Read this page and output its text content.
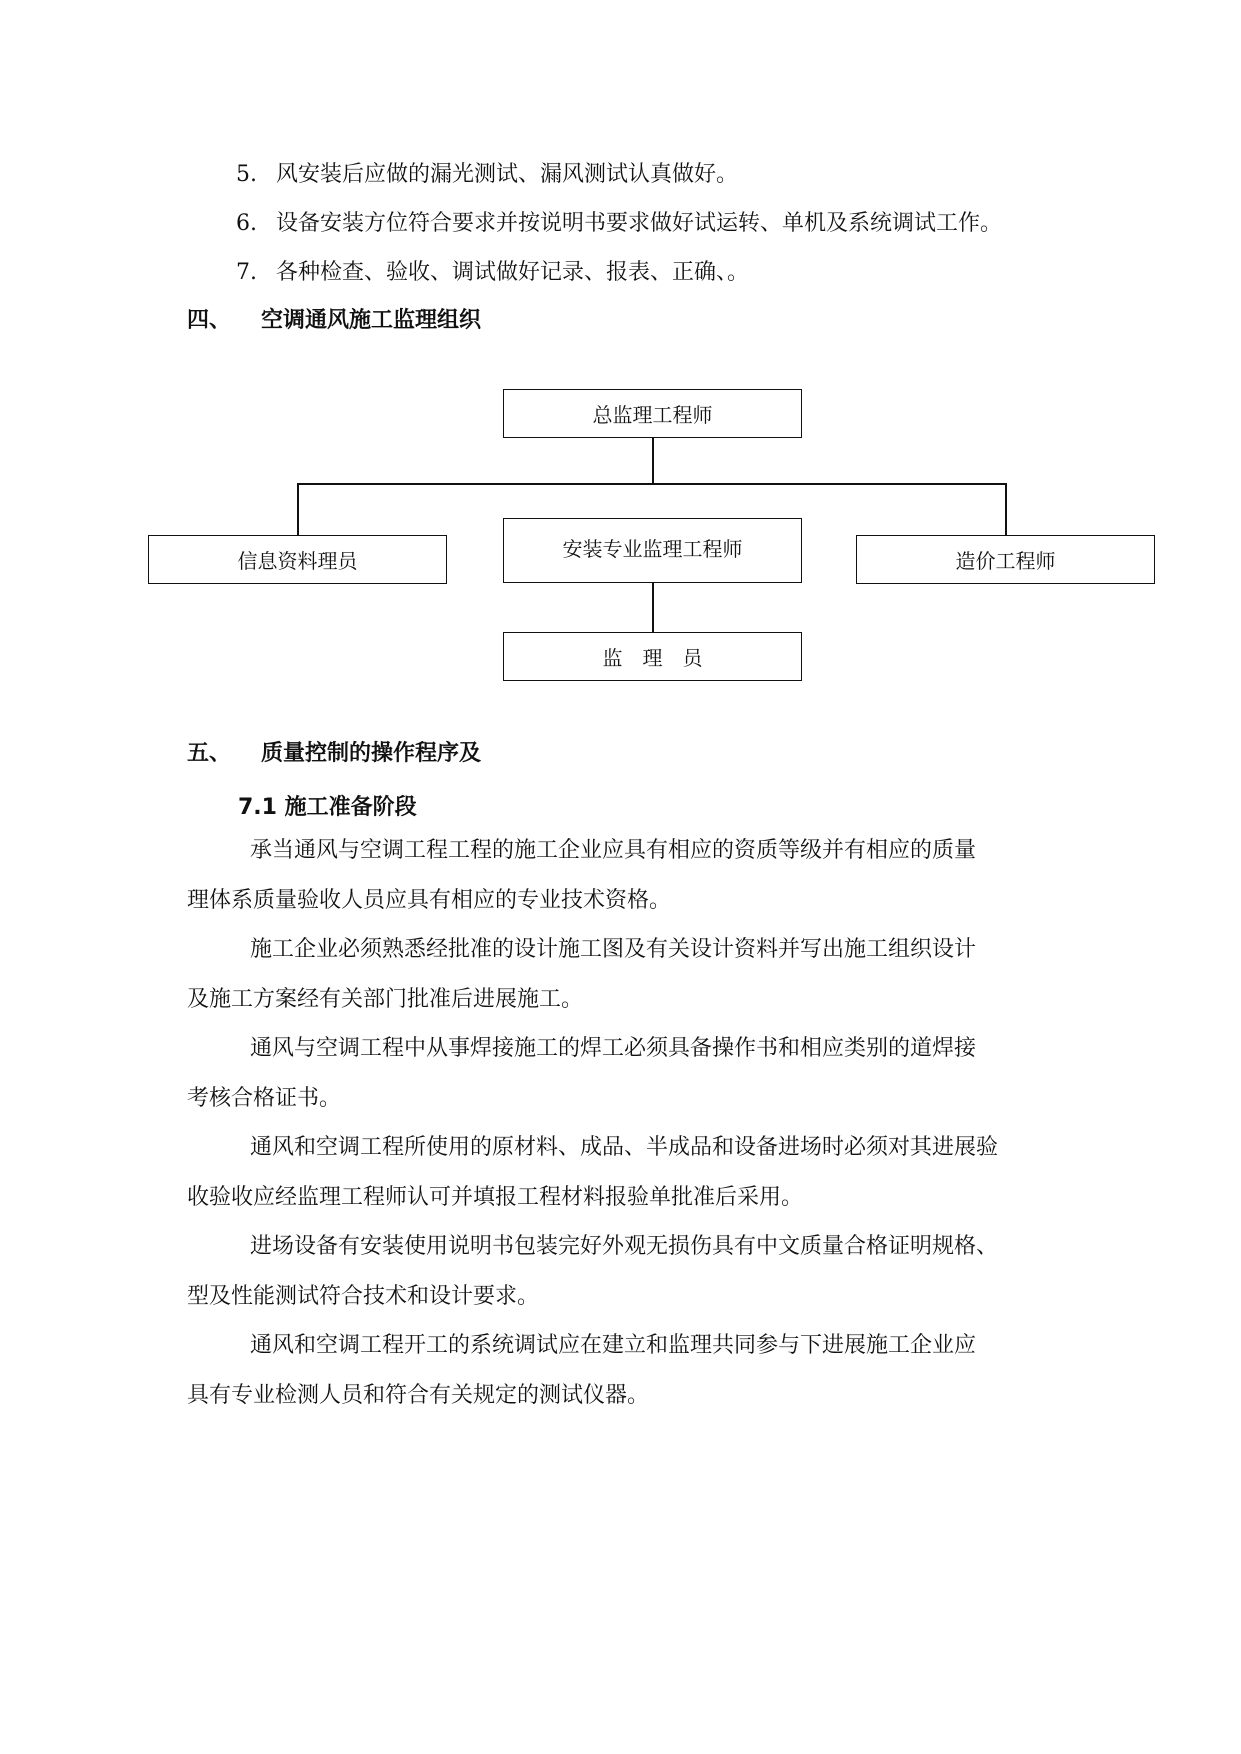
5. 风安装后应做的漏光测试、漏风测试认真做好。
6. 设备安装方位符合要求并按说明书要求做好试运转、单机及系统调试工作。
7. 各种检查、验收、调试做好记录、报表、正确、。
四、 空调通风施工监理组织
总监理工程师
信息资料理员	安装专业监理工程师	造价工程师
监　理　员
五、 质量控制的操作程序及
7.1 施工准备阶段
承当通风与空调工程工程的施工企业应具有相应的资质等级并有相应的质量
理体系质量验收人员应具有相应的专业技术资格。
施工企业必须熟悉经批准的设计施工图及有关设计资料并写出施工组织设计
及施工方案经有关部门批准后进展施工。
通风与空调工程中从事焊接施工的焊工必须具备操作书和相应类别的道焊接
考核合格证书。
通风和空调工程所使用的原材料、成品、半成品和设备进场时必须对其进展验
收验收应经监理工程师认可并填报工程材料报验单批准后采用。
进场设备有安装使用说明书包装完好外观无损伤具有中文质量合格证明规格、
型及性能测试符合技术和设计要求。
通风和空调工程开工的系统调试应在建立和监理共同参与下进展施工企业应
具有专业检测人员和符合有关规定的测试仪器。
